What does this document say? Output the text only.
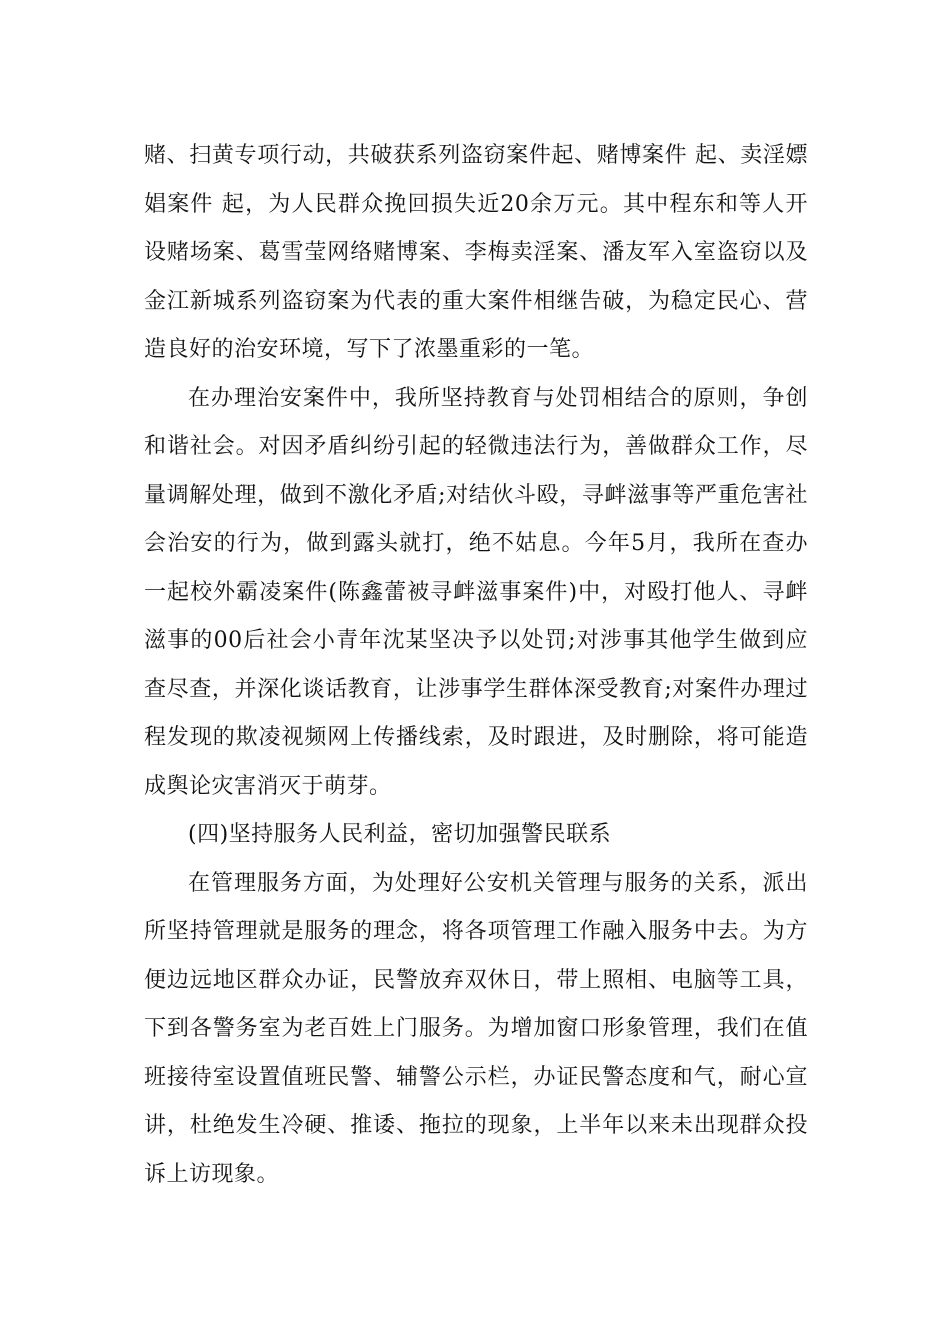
赌、扫黄专项行动，共破获系列盗窃案件起、赌博案件 起、卖淫嫖娼案件 起，为人民群众挽回损失近20余万元。其中程东和等人开设赌场案、葛雪莹网络赌博案、李梅卖淫案、潘友军入室盗窃以及金江新城系列盗窃案为代表的重大案件相继告破，为稳定民心、营造良好的治安环境，写下了浓墨重彩的一笔。

在办理治安案件中，我所坚持教育与处罚相结合的原则，争创和谐社会。对因矛盾纠纷引起的轻微违法行为，善做群众工作，尽量调解处理，做到不激化矛盾;对结伙斗殴，寻衅滋事等严重危害社会治安的行为，做到露头就打，绝不姑息。今年5月，我所在查办一起校外霸凌案件(陈鑫蕾被寻衅滋事案件)中，对殴打他人、寻衅滋事的00后社会小青年沈某坚决予以处罚;对涉事其他学生做到应查尽查，并深化谈话教育，让涉事学生群体深受教育;对案件办理过程发现的欺凌视频网上传播线索，及时跟进，及时删除，将可能造成舆论灾害消灭于萌芽。

(四)坚持服务人民利益，密切加强警民联系

在管理服务方面，为处理好公安机关管理与服务的关系，派出所坚持管理就是服务的理念，将各项管理工作融入服务中去。为方便边远地区群众办证，民警放弃双休日，带上照相、电脑等工具，下到各警务室为老百姓上门服务。为增加窗口形象管理，我们在值班接待室设置值班民警、辅警公示栏，办证民警态度和气，耐心宣讲，杜绝发生冷硬、推诿、拖拉的现象，上半年以来未出现群众投诉上访现象。
